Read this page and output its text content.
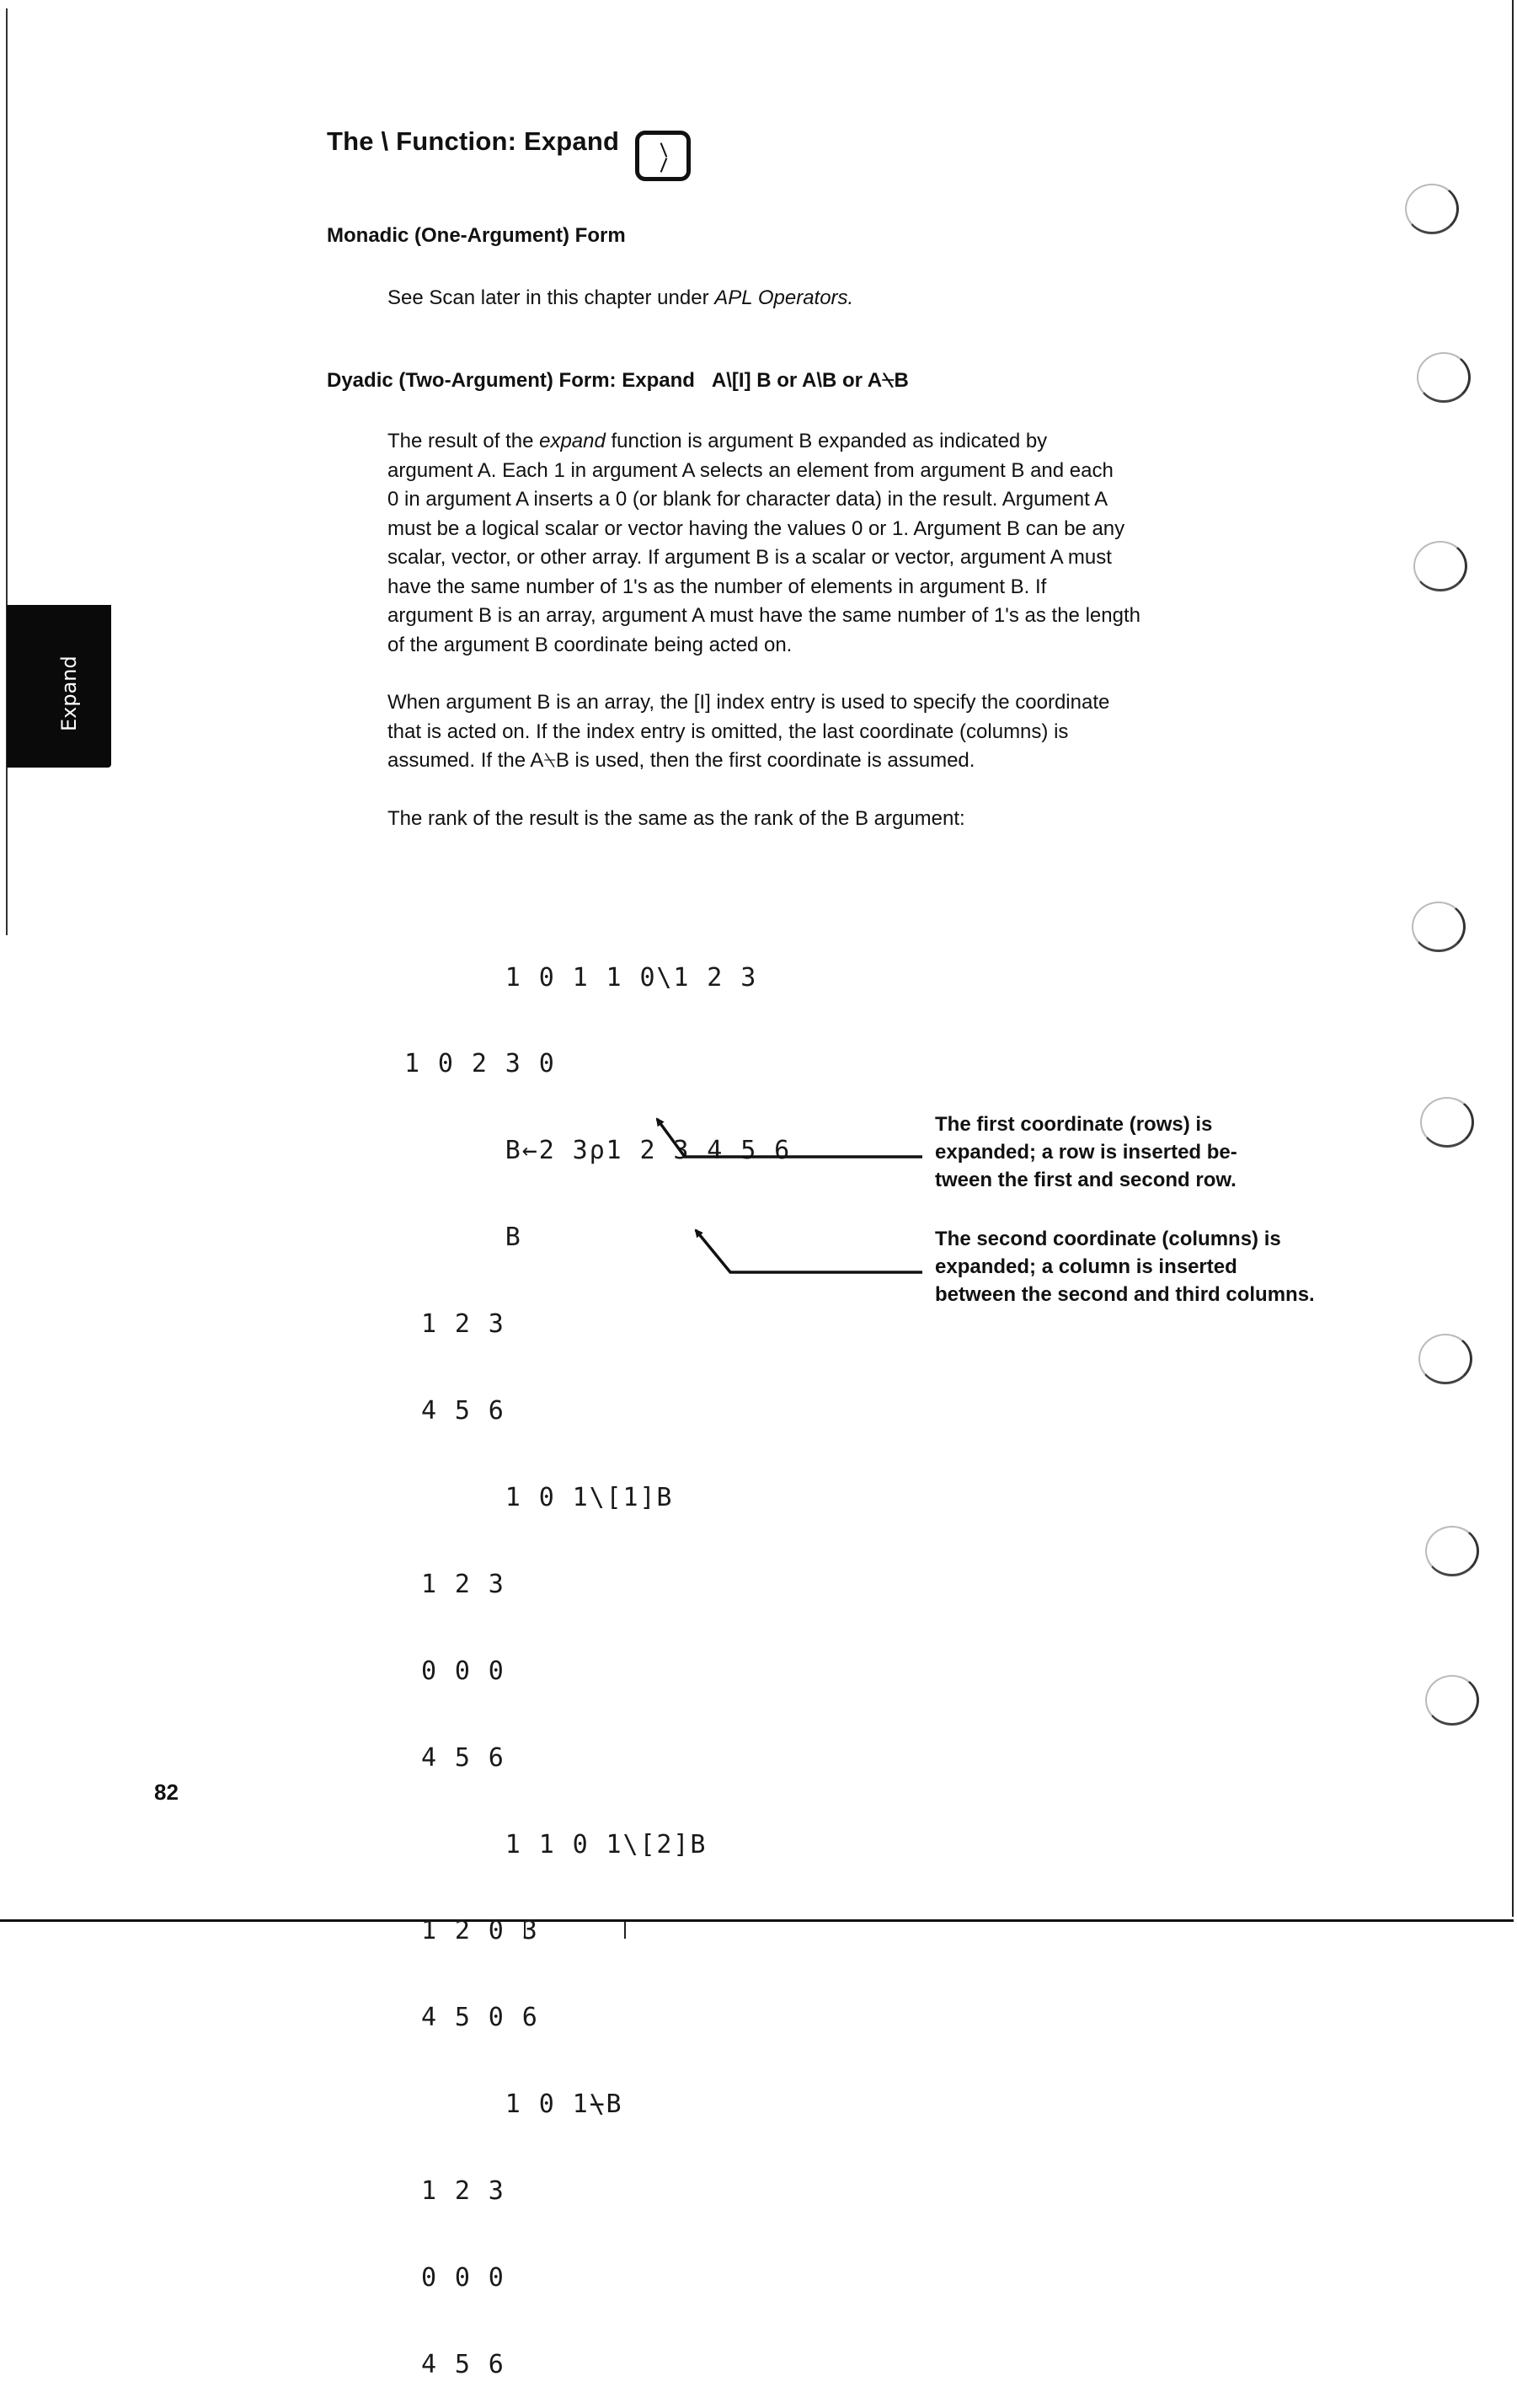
The \ Function: Expand
Monadic (One-Argument) Form
See Scan later in this chapter under APL Operators.
Dyadic (Two-Argument) Form: Expand A\[I] B or A\B or A⍀B
The result of the expand function is argument B expanded as indicated by
argument A. Each 1 in argument A selects an element from argument B and each
0 in argument A inserts a 0 (or blank for character data) in the result. Argument A
must be a logical scalar or vector having the values 0 or 1. Argument B can be any
scalar, vector, or other array. If argument B is a scalar or vector, argument A must
have the same number of 1's as the number of elements in argument B. If
argument B is an array, argument A must have the same number of 1's as the length
of the argument B coordinate being acted on.
When argument B is an array, the [I] index entry is used to specify the coordinate
that is acted on. If the index entry is omitted, the last coordinate (columns) is
assumed. If the A⍀B is used, then the first coordinate is assumed.
The rank of the result is the same as the rank of the B argument:

1 0 1 1 0\1 2 3

1 0 2 3 0

B←2 3⍴1 2 3 4 5 6

B

1 2 3

4 5 6

1 0 1\[1]B

1 2 3

0 0 0

4 5 6

1 1 0 1\[2]B

1 2 0 3

4 5 0 6

1 0 1⍀B

1 2 3

0 0 0

4 5 6

The first coordinate (rows) is
expanded; a row is inserted be-
tween the first and second row.
The second coordinate (columns) is
expanded; a column is inserted
between the second and third columns.
Expand
82
